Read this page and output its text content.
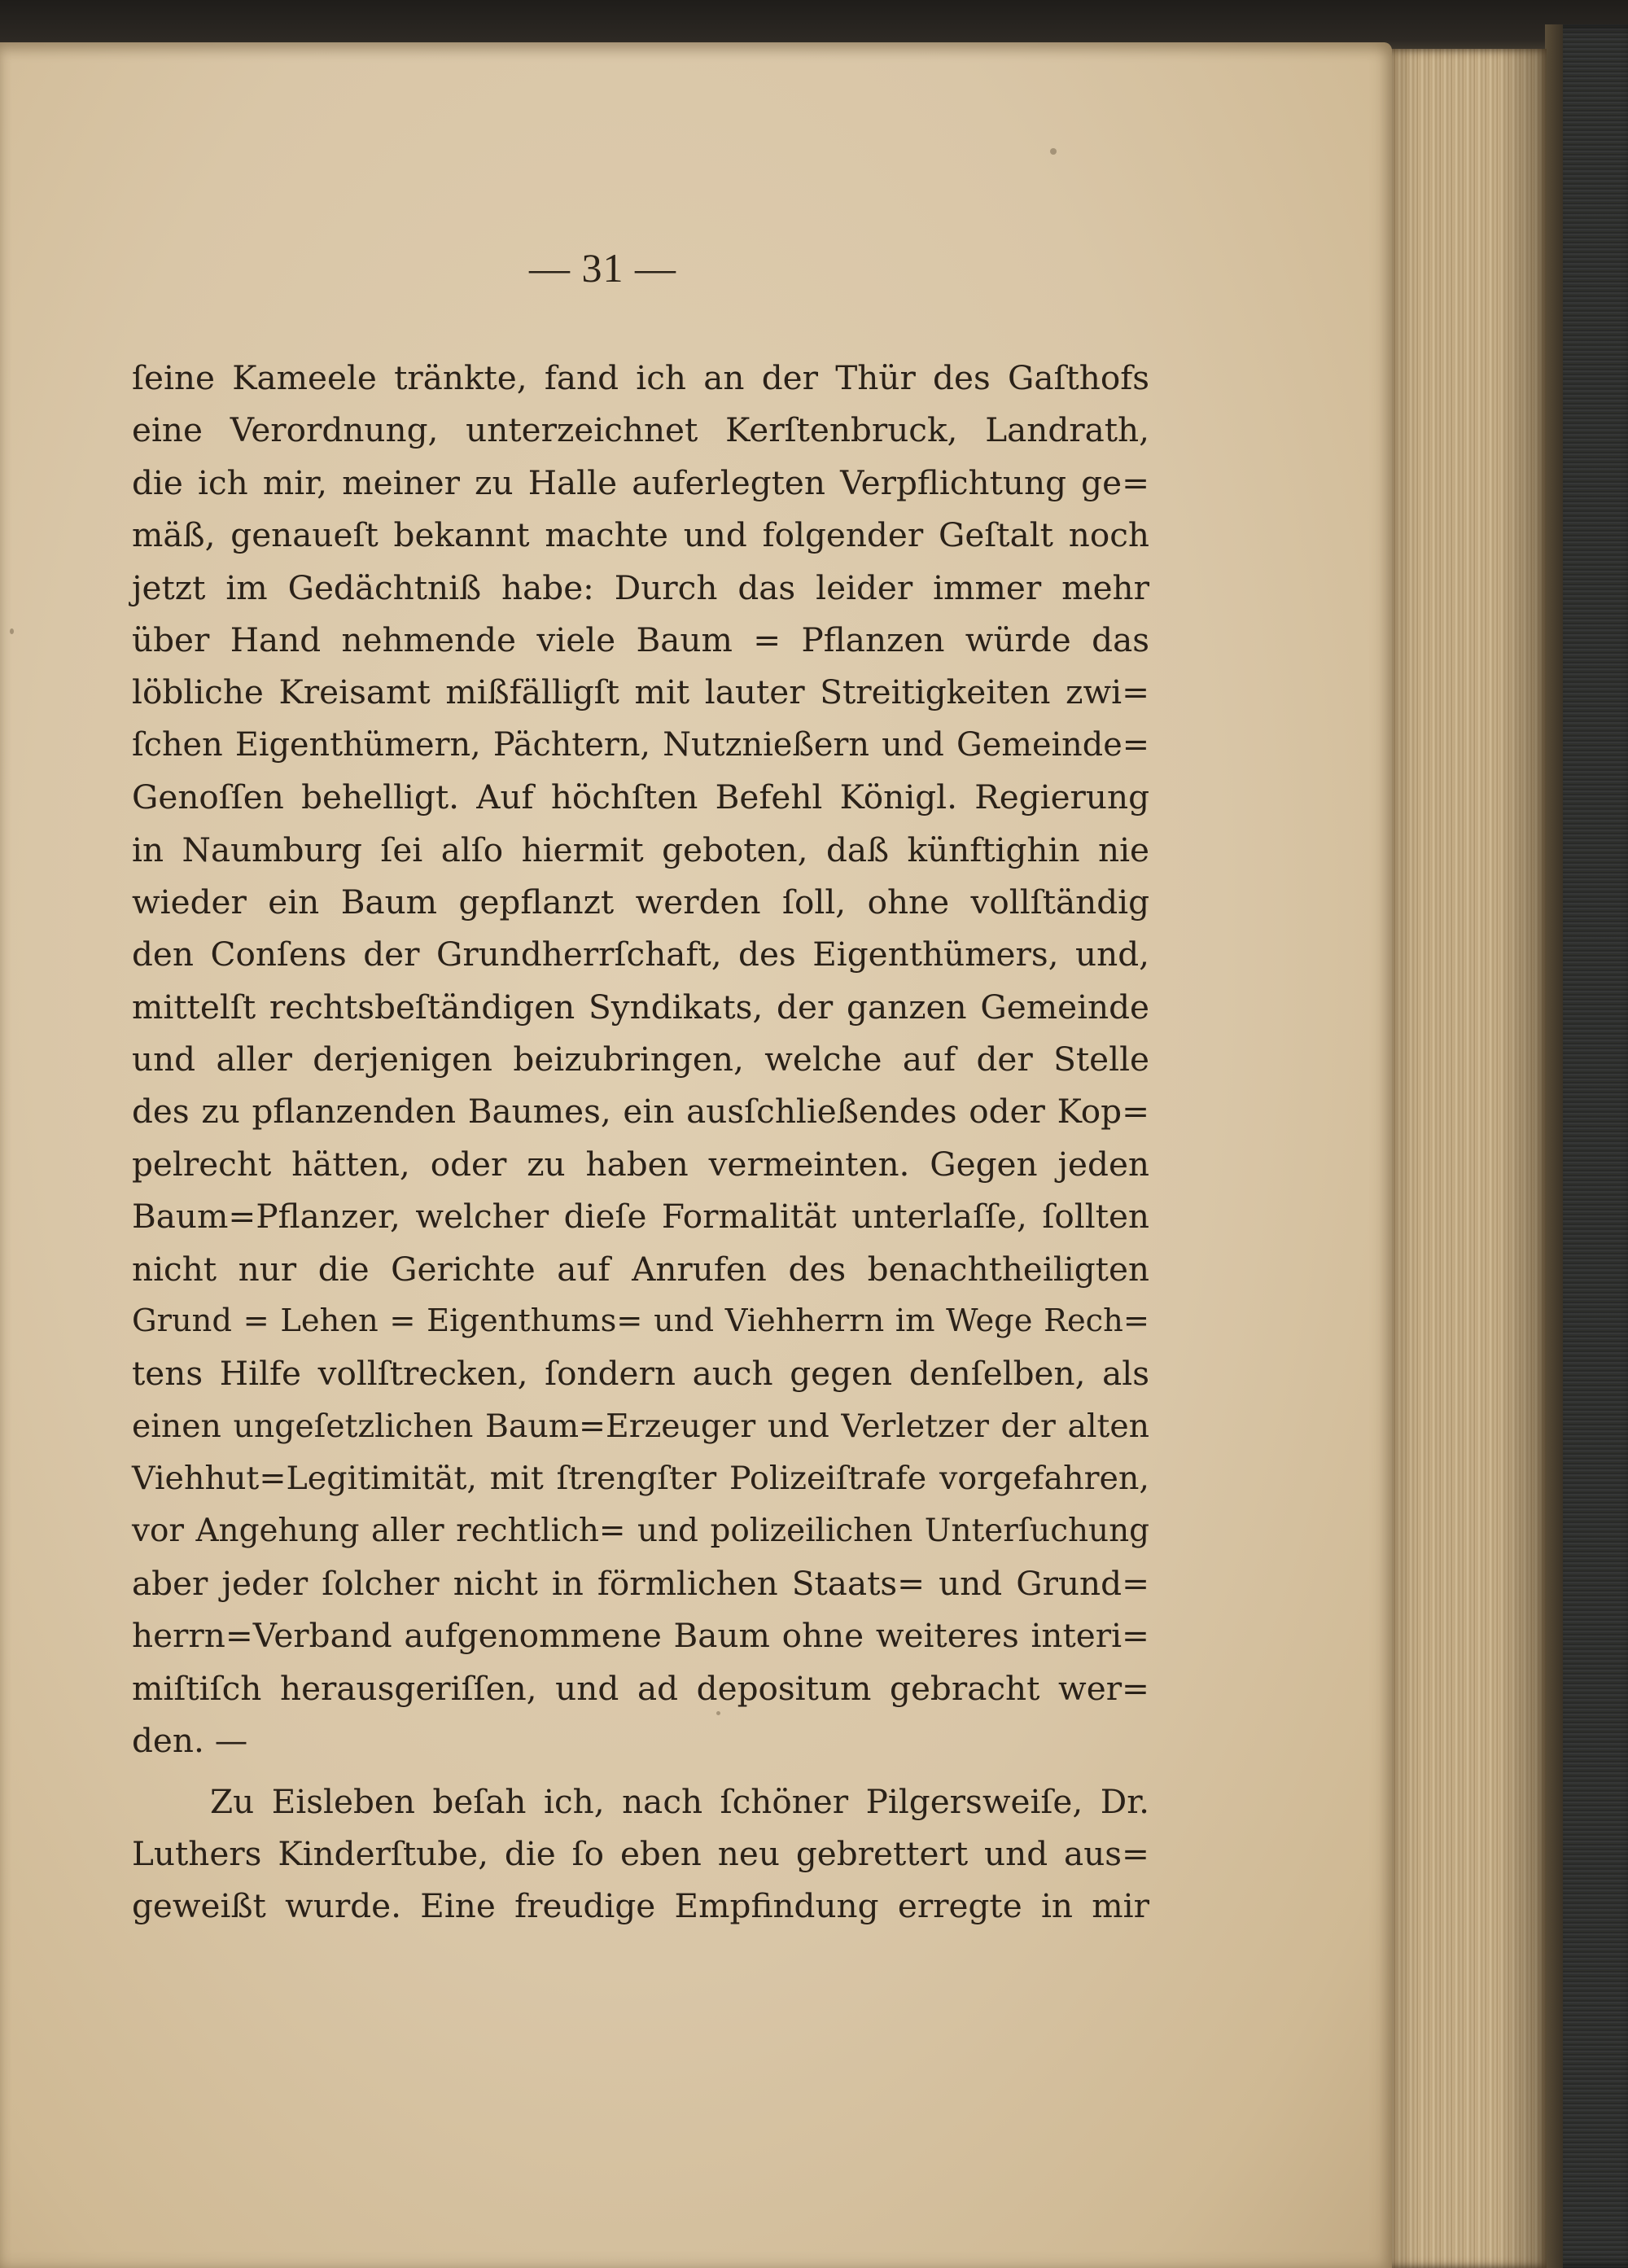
— 31 —
ſeine Kameele tränkte, fand ich an der Thür des Gaſthofs
eine Verordnung, unterzeichnet Kerſtenbruck, Landrath,
die ich mir, meiner zu Halle auferlegten Verpflichtung ge=
mäß, genaueſt bekannt machte und folgender Geſtalt noch
jetzt im Gedächtniß habe: Durch das leider immer mehr
über Hand nehmende viele Baum = Pflanzen würde das
löbliche Kreisamt mißfälligſt mit lauter Streitigkeiten zwi=
ſchen Eigenthümern, Pächtern, Nutznießern und Gemeinde=
Genoſſen behelligt. Auf höchſten Befehl Königl. Regierung
in Naumburg ſei alſo hiermit geboten, daß künftighin nie
wieder ein Baum gepflanzt werden ſoll, ohne vollſtändig
den Conſens der Grundherrſchaft, des Eigenthümers, und,
mittelſt rechtsbeſtändigen Syndikats, der ganzen Gemeinde
und aller derjenigen beizubringen, welche auf der Stelle
des zu pflanzenden Baumes, ein ausſchließendes oder Kop=
pelrecht hätten, oder zu haben vermeinten. Gegen jeden
Baum=Pflanzer, welcher dieſe Formalität unterlaſſe, ſollten
nicht nur die Gerichte auf Anrufen des benachtheiligten
Grund = Lehen = Eigenthums= und Viehherrn im Wege Rech=
tens Hilfe vollſtrecken, ſondern auch gegen denſelben, als
einen ungeſetzlichen Baum=Erzeuger und Verletzer der alten
Viehhut=Legitimität, mit ſtrengſter Polizeiſtrafe vorgefahren,
vor Angehung aller rechtlich= und polizeilichen Unterſuchung
aber jeder ſolcher nicht in förmlichen Staats= und Grund=
herrn=Verband aufgenommene Baum ohne weiteres interi=
miſtiſch herausgeriſſen, und ad depositum gebracht wer=
den. —
Zu Eisleben beſah ich, nach ſchöner Pilgersweiſe, Dr.
Luthers Kinderſtube, die ſo eben neu gebrettert und aus=
geweißt wurde. Eine freudige Empfindung erregte in mir
